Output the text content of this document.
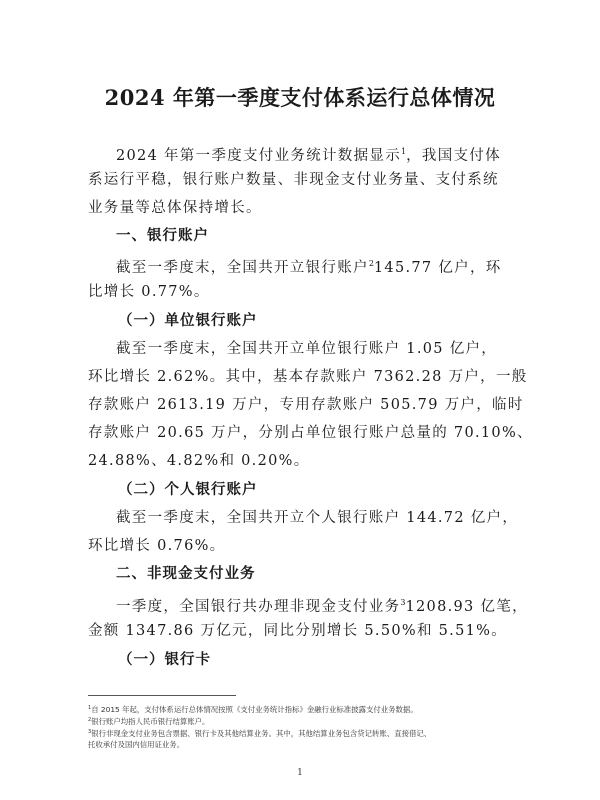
2024 年第一季度支付体系运行总体情况
2024 年第一季度支付业务统计数据显示$^1$，我国支付体
系运行平稳，银行账户数量、非现金支付业务量、支付系统
业务量等总体保持增长。
一、银行账户
截至一季度末，全国共开立银行账户$^2$145.77 亿户，环
比增长 0.77%。
（一）单位银行账户
截至一季度末，全国共开立单位银行账户 1.05 亿户，
环比增长 2.62%。其中，基本存款账户 7362.28 万户，一般
存款账户 2613.19 万户，专用存款账户 505.79 万户，临时
存款账户 20.65 万户，分别占单位银行账户总量的 70.10%、
24.88%、4.82%和 0.20%。
（二）个人银行账户
截至一季度末，全国共开立个人银行账户 144.72 亿户，
环比增长 0.76%。
二、非现金支付业务
一季度，全国银行共办理非现金支付业务$^3$1208.93 亿笔，
金额 1347.86 万亿元，同比分别增长 5.50%和 5.51%。
（一）银行卡
$^1$自 2015 年起，支付体系运行总体情况按照《支付业务统计指标》金融行业标准披露支付业务数据。
$^2$银行账户均指人民币银行结算账户。
$^3$银行非现金支付业务包含票据、银行卡及其他结算业务。其中，其他结算业务包含贷记转账、直接借记、
托收承付及国内信用证业务。
1
